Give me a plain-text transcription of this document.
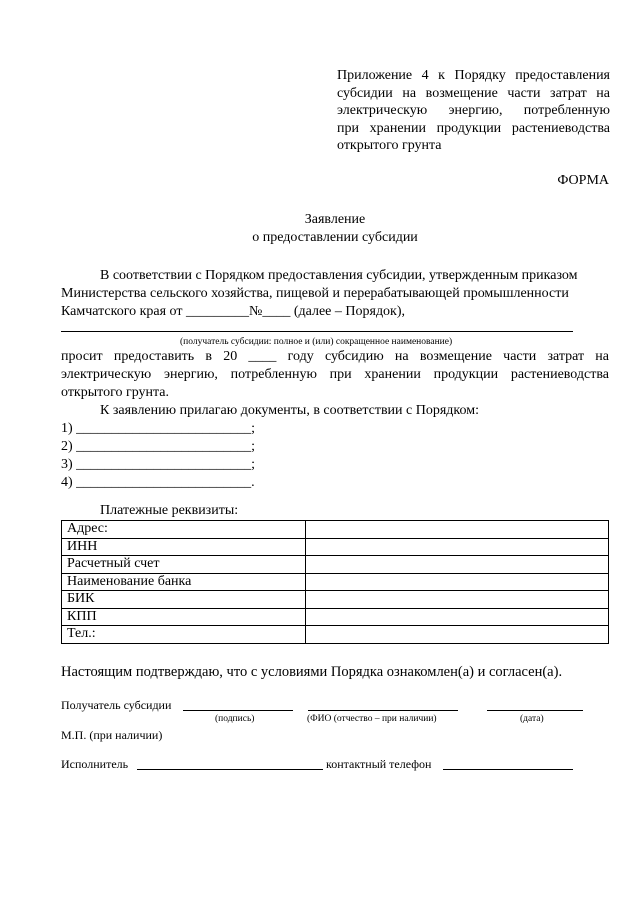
Приложение 4 к Порядку предоставления
субсидии на возмещение части затрат на
электрическую энергию, потребленную
при хранении продукции растениеводства
открытого грунта
ФОРМА
Заявление
о предоставлении субсидии
В соответствии с Порядком предоставления субсидии, утвержденным приказом
Министерства сельского хозяйства, пищевой и перерабатывающей промышленности
Камчатского края от _________№____ (далее – Порядок),
(получатель субсидии: полное и (или) сокращенное наименование)
просит предоставить в 20 ____ году субсидию на возмещение части затрат на
электрическую энергию, потребленную при хранении продукции растениеводства
открытого грунта.
К заявлению прилагаю документы, в соответствии с Порядком:
1) _________________________;
2) _________________________;
3) _________________________;
4) _________________________.
Платежные реквизиты:
Адрес:	
ИНН	
Расчетный счет	
Наименование банка	
БИК	
КПП	
Тел.:	
Настоящим подтверждаю, что с условиями Порядка ознакомлен(а) и согласен(а).
Получатель субсидии
(подпись)	(ФИО (отчество – при наличии)	(дата)
М.П. (при наличии)
Исполнитель	контактный телефон
